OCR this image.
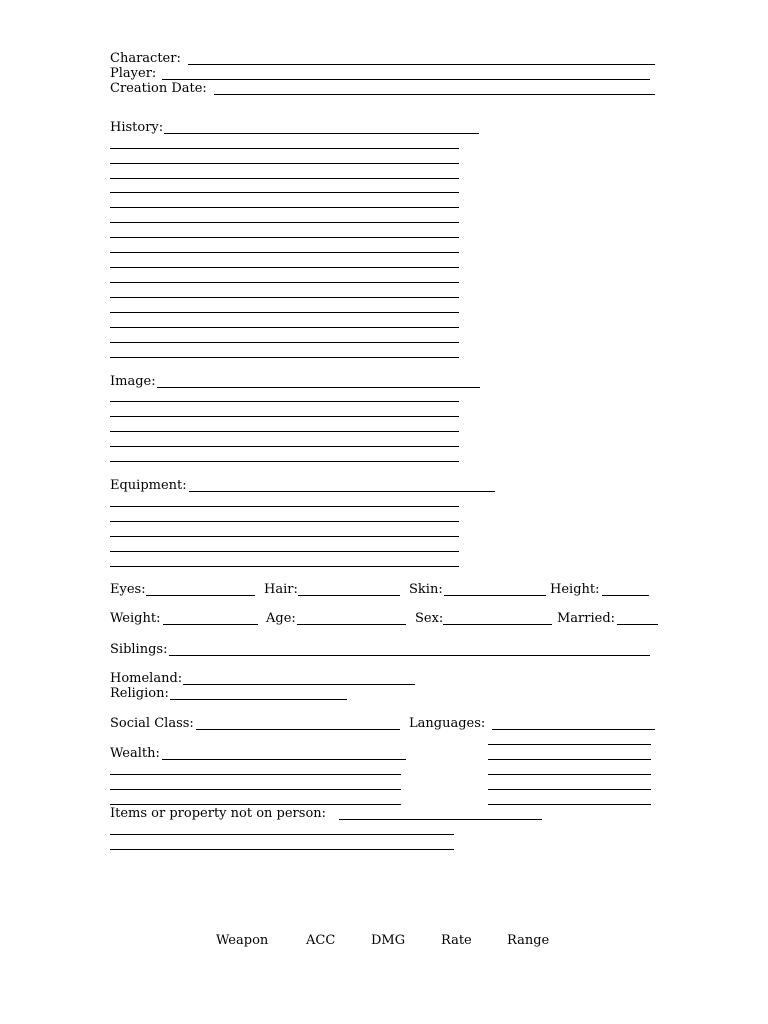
Character:
Player:
Creation Date:
History:
Image:
Equipment:
Eyes:	Hair:	Skin:	Height:
Weight:	Age:	Sex:	Married:
Siblings:
Homeland:
Religion:
Social Class:	Languages:
Wealth:
Items or property not on person:
Weapon	ACC	DMG	Rate	Range
